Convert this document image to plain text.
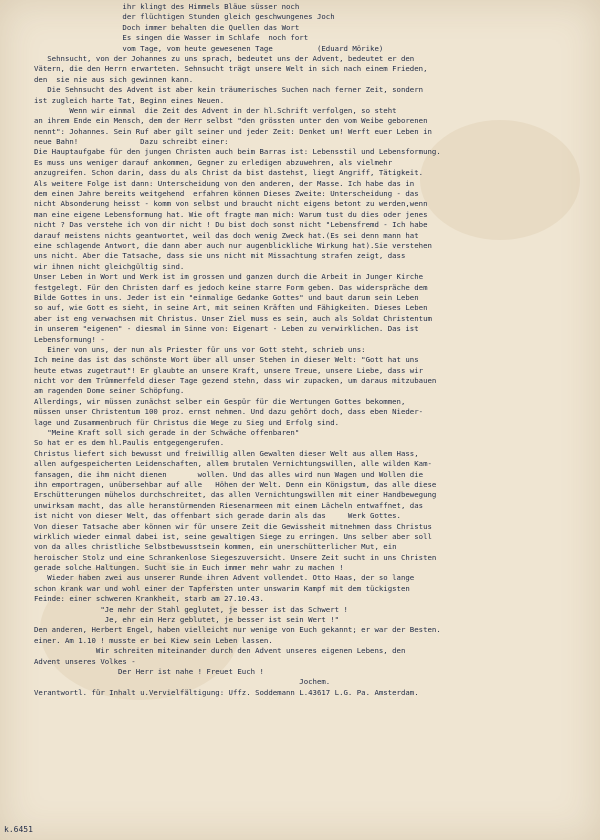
ihr klingt des Himmels Bläue süsser noch
der flüchtigen Stunden gleich geschwungenes Joch
Doch immer behalten die Quellen das Wort
Es singen die Wasser im Schlafe  noch fort
vom Tage, vom heute gewesenen Tage          (Eduard Mörike)
Sehnsucht, von der Johannes zu uns sprach, bedeutet uns der Advent, bedeutet er den
Vätern, die den Herrn erwarteten. Sehnsucht trägt unsere Welt in sich nach einem Frieden,
den  sie nie aus sich gewinnen kann.
Die Sehnsucht des Advent ist aber kein träumerisches Suchen nach ferner Zeit, sondern
ist zugleich harte Tat, Beginn eines Neuen.
Wenn wir einmal  die Zeit des Advent in der hl.Schrift verfolgen, so steht
an ihrem Ende ein Mensch, dem der Herr selbst "den grössten unter den vom Weibe geborenen
nennt": Johannes. Sein Ruf aber gilt seiner und jeder Zeit: Denket um! Werft euer Leben in
neue Bahn!              Dazu schreibt einer:
Die Hauptaufgabe für den jungen Christen auch beim Barras ist: Lebensstil und Lebensformung.
Es muss uns weniger darauf ankommen, Gegner zu erledigen abzuwehren, als vielmehr
anzugreifen. Schon darin, dass du als Christ da bist dastehst, liegt Angriff, Tätigkeit.
Als weitere Folge ist dann: Unterscheidung von den anderen, der Masse. Ich habe das in
dem einen Jahre bereits weitgehend  erfahren können Dieses Zweite: Unterscheidung - das
nicht Absonderung heisst - komm von selbst und braucht nicht eigens betont zu werden,wenn
man eine eigene Lebensformung hat. Wie oft fragte man mich: Warum tust du dies oder jenes
nicht ? Das verstehe ich von dir nicht ! Du bist doch sonst nicht "Lebensfremd - Ich habe
darauf meistens nichts geantwortet, weil das doch wenig Zweck hat.(Es sei denn mann hat
eine schlagende Antwort, die dann aber auch nur augenblickliche Wirkung hat).Sie verstehen
uns nicht. Aber die Tatsache, dass sie uns nicht mit Missachtung strafen zeigt, dass
wir ihnen nicht gleichgültig sind.
Unser Leben in Wort und Werk ist im grossen und ganzen durch die Arbeit in Junger Kirche
festgelegt. Für den Christen darf es jedoch keine starre Form geben. Das widerspräche dem
Bilde Gottes in uns. Jeder ist ein "einmalige Gedanke Gottes" und baut darum sein Leben
so auf, wie Gott es sieht, in seine Art, mit seinen Kräften und Fähigkeiten. Dieses Leben
aber ist eng verwachsen mit Christus. Unser Ziel muss es sein, auch als Soldat Christentum
in unserem "eigenen" - diesmal im Sinne von: Eigenart - Leben zu verwirklichen. Das ist
Lebensformung! -
Einer von uns, der nun als Priester für uns vor Gott steht, schrieb uns:
Ich meine das ist das schönste Wort über all unser Stehen in dieser Welt: "Gott hat uns
heute etwas zugetraut"! Er glaubte an unsere Kraft, unsere Treue, unsere Liebe, dass wir
nicht vor dem Trümmerfeld dieser Tage gezend stehn, dass wir zupacken, um daraus mitzubauen
am ragenden Dome seiner Schöpfung.
Allerdings, wir müssen zunächst selber ein Gespür für die Wertungen Gottes bekommen,
müssen unser Christentum 100 proz. ernst nehmen. Und dazu gehört doch, dass eben Nieder-
lage und Zusammenbruch für Christus die Wege zu Sieg und Erfolg sind.
"Meine Kraft soll sich gerade in der Schwäche offenbaren"
So hat er es dem hl.Paulis entgegengerufen.
Christus liefert sich bewusst und freiwillig allen Gewalten dieser Welt aus allem Hass,
allen aufgespeicherten Leidenschaften, allem brutalen Vernichtungswillen, alle wilden Kam-
fansagen, die ihm nicht dienen       wollen. Und das alles wird nun Wagen und Wollen die
ihn emportragen, unübersehbar auf alle   Höhen der Welt. Denn ein Königstum, das alle diese
Erschütterungen mühelos durchschreitet, das allen Vernichtungswillen mit einer Handbewegung
unwirksam macht, das alle heranstürmenden Riesenarmeen mit einem Lächeln entwaffnet, das
ist nicht von dieser Welt, das offenbart sich gerade darin als das     Werk Gottes.
Von dieser Tatsache aber können wir für unsere Zeit die Gewissheit mitnehmen dass Christus
wirklich wieder einmal dabei ist, seine gewaltigen Siege zu erringen. Uns selber aber soll
von da alles christliche Selbstbewusstsein kommen, ein unerschütterlicher Mut, ein
heroischer Stolz und eine Schrankenlose Siegeszuversicht. Unsere Zeit sucht in uns Christen
gerade solche Haltungen. Sucht sie in Euch immer mehr wahr zu machen !
Wieder haben zwei aus unserer Runde ihren Advent vollendet. Otto Haas, der so lange
schon krank war und wohl einer der Tapfersten unter unswarim Kampf mit dem tückigsten
Feinde: einer schweren Krankheit, starb am 27.10.43.
"Je mehr der Stahl geglutet, je besser ist das Schwert !
Je, ehr ein Herz geblutet, je besser ist sein Wert !"
Den anderen, Herbert Engel, haben vielleicht nur wenige von Euch gekannt; er war der Besten.
einer. Am 1.10 ! musste er bei Kiew sein Leben lassen.
Wir schreiten miteinander durch den Advent unseres eigenen Lebens, den
Advent unseres Volkes -
Der Herr ist nahe ! Freuet Euch !
Jochem.
Verantwortl. für Inhalt u.Vervielfältigung: Uffz. Soddemann L.43617 L.G. Pa. Amsterdam.
k.6451
